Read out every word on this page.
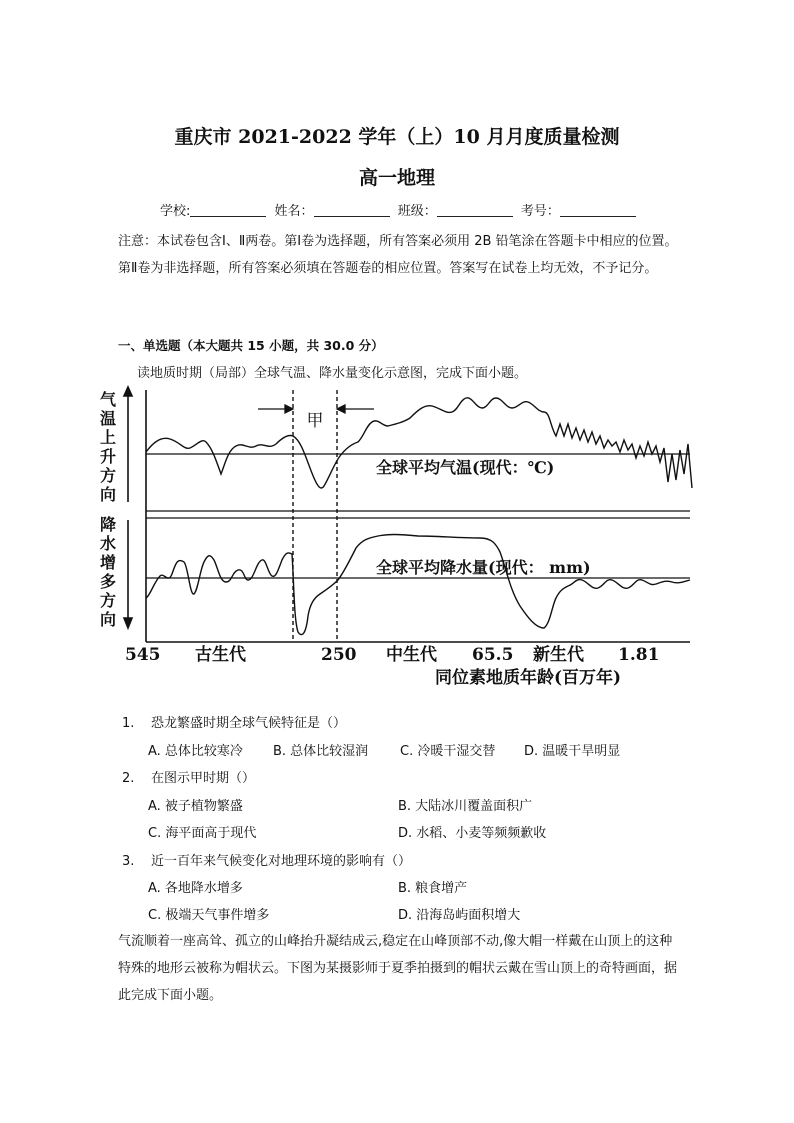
重庆市 2021-2022 学年（上）10 月月度质量检测
高一地理
学校:	姓名：	班级：	考号：
注意：本试卷包含Ⅰ、Ⅱ两卷。第Ⅰ卷为选择题，所有答案必须用 2B 铅笔涂在答题卡中相应的位置。第Ⅱ卷为非选择题，所有答案必须填在答题卷的相应位置。答案写在试卷上均无效，不予记分。
一、单选题（本大题共 15 小题，共 30.0 分）
读地质时期（局部）全球气温、降水量变化示意图，完成下面小题。
气
温
上
升
方
向
降
水
增
多
方
向
甲
全球平均气温(现代：℃)
全球平均降水量(现代： mm)
545 古生代	250 中生代 65.5 新生代 1.81
同位素地质年龄(百万年)
1. 恐龙繁盛时期全球气候特征是（）
A. 总体比较寒冷 B. 总体比较湿润 C. 冷暖干湿交替 D. 温暖干旱明显
2. 在图示甲时期（）
A. 被子植物繁盛	B. 大陆冰川覆盖面积广
C. 海平面高于现代	D. 水稻、小麦等频频歉收
3. 近一百年来气候变化对地理环境的影响有（）
A. 各地降水增多	B. 粮食增产
C. 极端天气事件增多	D. 沿海岛屿面积增大
气流顺着一座高耸、孤立的山峰抬升凝结成云,稳定在山峰顶部不动,像大帽一样戴在山顶上的这种特殊的地形云被称为帽状云。下图为某摄影师于夏季拍摄到的帽状云戴在雪山顶上的奇特画面，据此完成下面小题。
